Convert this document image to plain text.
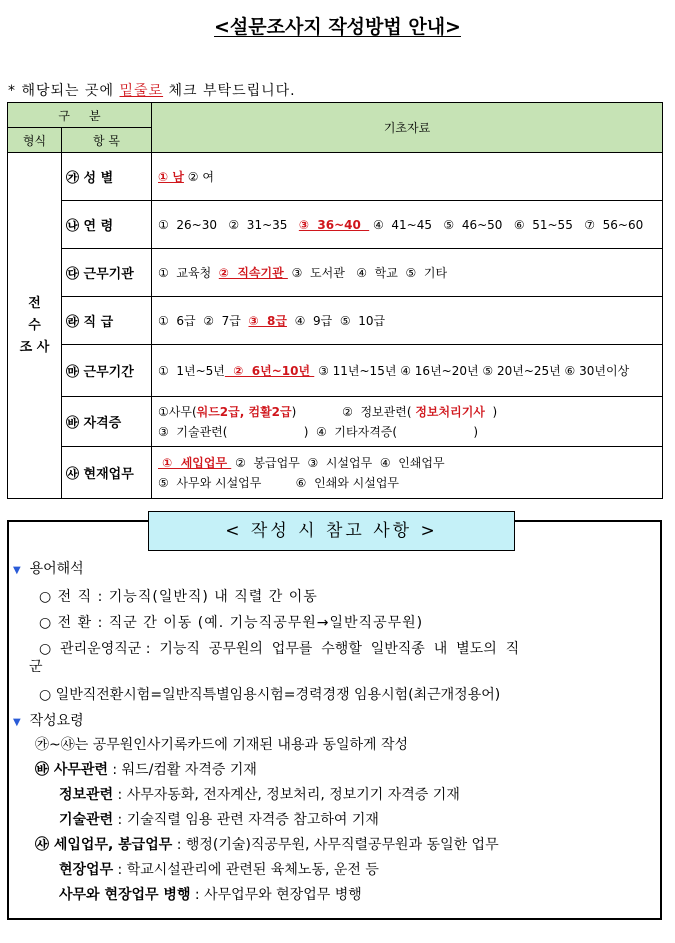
<설문조사지 작성방법 안내>
* 해당되는 곳에 밑줄로 체크 부탁드립니다.
구     분		기초자료
형식	항 목	

전
수
조 사	㉮ 성 별	① 남 ② 여
	㉯ 연 령	①  26~30   ②  31~35   ③  36~40   ④  41~45   ⑤  46~50   ⑥  51~55   ⑦  56~60
	㉰ 근무기관	①  교육청  ②  직속기관  ③  도서관   ④  학교  ⑤  기타
	㉱ 직 급	①  6급  ②  7급  ③  8급  ④  9급  ⑤  10급
	㉲ 근무기간	①  1년~5년  ②  6년~10년  ③ 11년~15년 ④ 16년~20년 ⑤ 20년~25년 ⑥ 30년이상
	㉳ 자격증	①사무(워드2급, 컴활2급)            ②  정보관련( 정보처리기사  )
③  기술관련(                    )  ④  기타자격증(                    )

	㉴ 현재업무	①  세입업무  ②  봉급업무  ③  시설업무  ④  인쇄업무
⑤  사무와 시설업무         ⑥  인쇄와 시설업무
< 작성 시 참고 사항 >
▼ 용어해석
○ 전 직 : 기능직(일반직) 내 직렬 간 이동
○ 전 환 : 직군 간 이동 (예. 기능직공무원→일반직공무원)
○  관리운영직군 :  기능직  공무원의  업무를  수행할  일반직종  내  별도의  직
군
○ 일반직전환시험=일반직특별임용시험=경력경쟁 임용시험(최근개정용어)
▼ 작성요령
㉮~㉴는 공무원인사기록카드에 기재된 내용과 동일하게 작성
㉳ 사무관련 : 워드/컴활 자격증 기재
정보관련 : 사무자동화, 전자계산, 정보처리, 정보기기 자격증 기재
기술관련 : 기술직렬 임용 관련 자격증 참고하여 기재
㉴ 세입업무, 봉급업무 : 행정(기술)직공무원, 사무직렬공무원과 동일한 업무
현장업무 : 학교시설관리에 관련된 육체노동, 운전 등
사무와 현장업무 병행 : 사무업무와 현장업무 병행
